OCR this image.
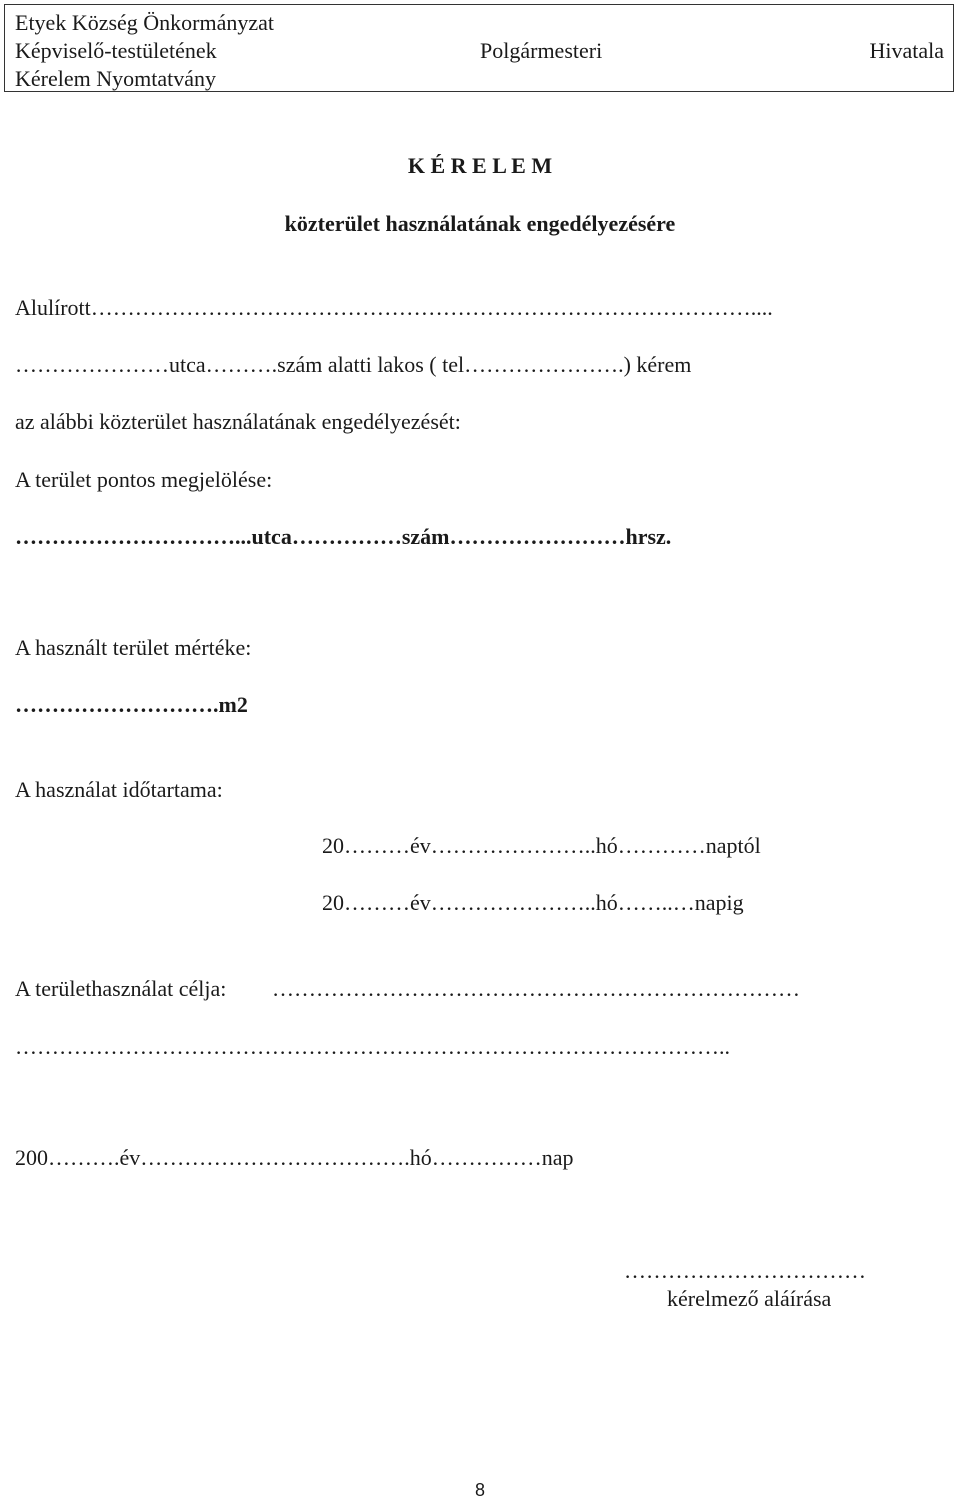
Etyek Község Önkormányzat
Képviselő-testületének	Polgármesteri	Hivatala
Kérelem Nyomtatvány
K É R E L E M
közterület használatának engedélyezésére
Alulírott………………………………………………………………………………....
…………………utca……….szám alatti lakos ( tel………………….) kérem
az alábbi közterület használatának engedélyezését:
A terület pontos megjelölése:
…………………………...utca……………szám……………………hrsz.
A használt terület mértéke:
……………………….m2
A használat időtartama:
20………év…………………..hó…………naptól
20………év…………………..hó……..…napig
A területhasználat célja: ………………………………………………………………
……………………………………………………………………………………..
200……….év……………………………….hó……………nap
……………………………
kérelmező aláírása
8
